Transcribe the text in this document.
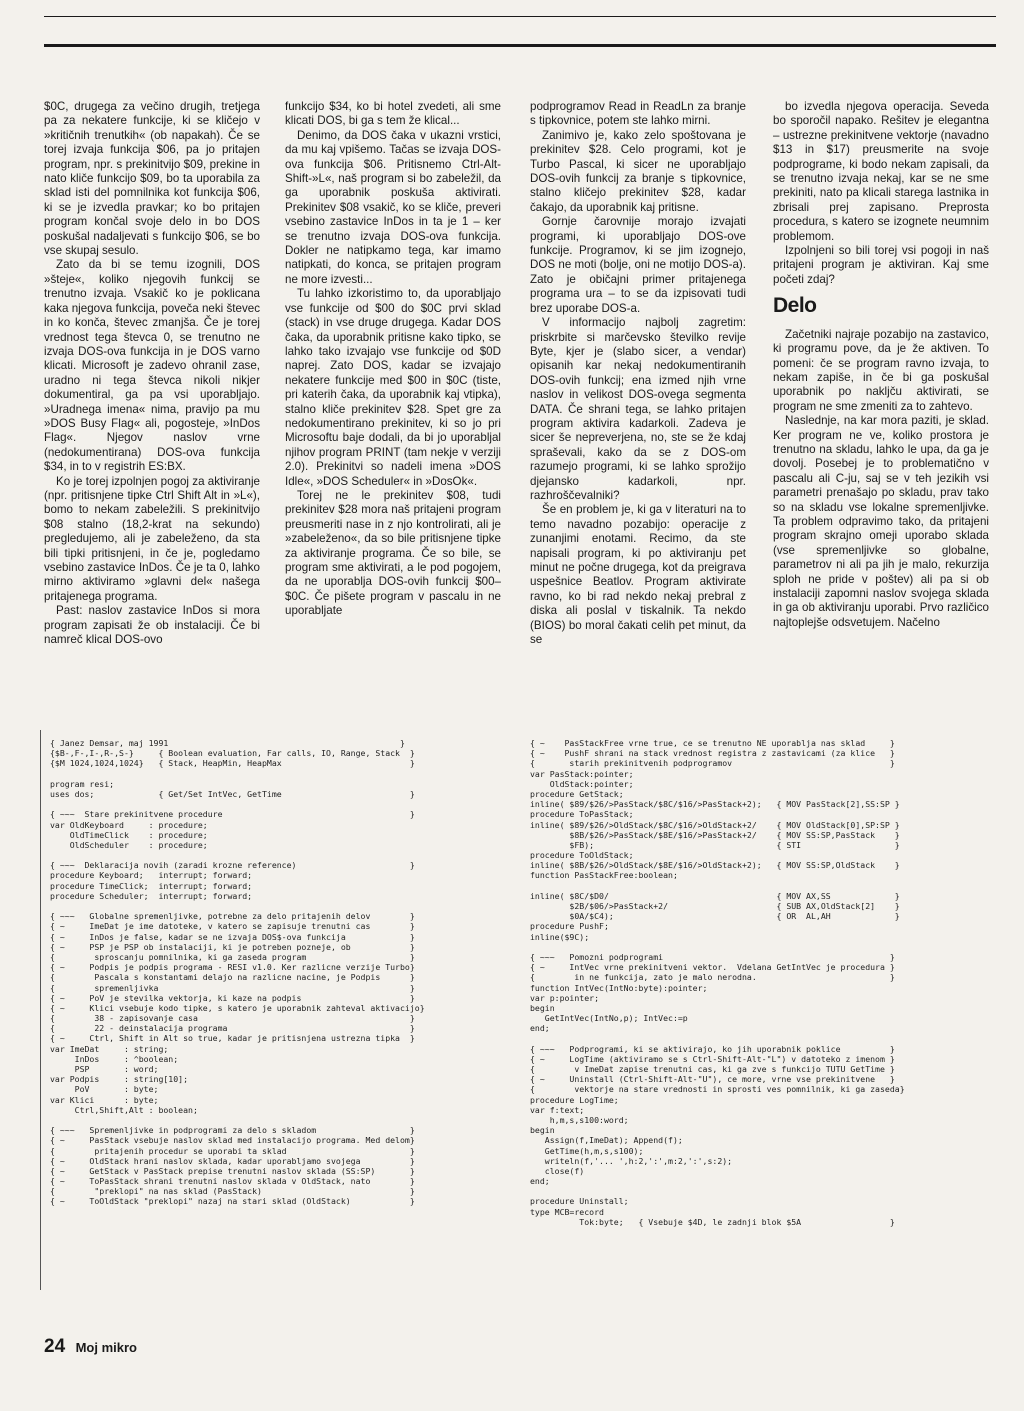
$0C, drugega za večino drugih, tretjega pa za nekatere funkcije, ki se kličejo v »kritičnih trenutkih« (ob napakah). Če se torej izvaja funkcija $06, pa jo pritajen program, npr. s prekinitvijo $09, prekine in nato kliče funkcijo $09, bo ta uporabila za sklad isti del pomnilnika kot funkcija $06, ki se je izvedla pravkar; ko bo pritajen program končal svoje delo in bo DOS poskušal nadaljevati s funkcijo $06, se bo vse skupaj sesulo.

Zato da bi se temu izognili, DOS »šteje«, koliko njegovih funkcij se trenutno izvaja. Vsakič ko je poklicana kaka njegova funkcija, poveča neki števec in ko konča, števec zmanjša. Če je torej vrednost tega števca 0, se trenutno ne izvaja DOS-ova funkcija in je DOS varno klicati. Microsoft je zadevo ohranil zase, uradno ni tega števca nikoli nikjer dokumentiral, ga pa vsi uporabljajo. »Uradnega imena« nima, pravijo pa mu »DOS Busy Flag« ali, pogosteje, »InDos Flag«. Njegov naslov vrne (nedokumentirana) DOS-ova funkcija $34, in to v registrih ES:BX.

Ko je torej izpolnjen pogoj za aktiviranje (npr. pritisnjene tipke Ctrl Shift Alt in »L«), bomo to nekam zabeležili. S prekinitvijo $08 stalno (18,2-krat na sekundo) pregledujemo, ali je zabeleženo, da sta bili tipki pritisnjeni, in če je, pogledamo vsebino zastavice InDos. Če je ta 0, lahko mirno aktiviramo »glavni del« našega pritajenega programa.

Past: naslov zastavice InDos si mora program zapisati že ob instalaciji. Če bi namreč klical DOS-ovo

funkcijo $34, ko bi hotel zvedeti, ali sme klicati DOS, bi ga s tem že klical...

Denimo, da DOS čaka v ukazni vrstici, da mu kaj vpišemo. Tačas se izvaja DOS-ova funkcija $06. Pritisnemo Ctrl-Alt-Shift-»L«, naš program si bo zabeležil, da ga uporabnik poskuša aktivirati. Prekinitev $08 vsakič, ko se kliče, preveri vsebino zastavice InDos in ta je 1 – ker se trenutno izvaja DOS-ova funkcija. Dokler ne natipkamo tega, kar imamo natipkati, do konca, se pritajen program ne more izvesti...

Tu lahko izkoristimo to, da uporabljajo vse funkcije od $00 do $0C prvi sklad (stack) in vse druge drugega. Kadar DOS čaka, da uporabnik pritisne kako tipko, se lahko tako izvajajo vse funkcije od $0D naprej. Zato DOS, kadar se izvajajo nekatere funkcije med $00 in $0C (tiste, pri katerih čaka, da uporabnik kaj vtipka), stalno kliče prekinitev $28. Spet gre za nedokumentirano prekinitev, ki so jo pri Microsoftu baje dodali, da bi jo uporabljal njihov program PRINT (tam nekje v verziji 2.0). Prekinitvi so nadeli imena »DOS Idle«, »DOS Scheduler« in »DosOk«.

Torej ne le prekinitev $08, tudi prekinitev $28 mora naš pritajeni program preusmeriti nase in z njo kontrolirati, ali je »zabeleženo«, da so bile pritisnjene tipke za aktiviranje programa. Če so bile, se program sme aktivirati, a le pod pogojem, da ne uporablja DOS-ovih funkcij $00–$0C. Če pišete program v pascalu in ne uporabljate

podprogramov Read in ReadLn za branje s tipkovnice, potem ste lahko mirni.

Zanimivo je, kako zelo spoštovana je prekinitev $28. Celo programi, kot je Turbo Pascal, ki sicer ne uporabljajo DOS-ovih funkcij za branje s tipkovnice, stalno kličejo prekinitev $28, kadar čakajo, da uporabnik kaj pritisne.

Gornje čarovnije morajo izvajati programi, ki uporabljajo DOS-ove funkcije. Programov, ki se jim izognejo, DOS ne moti (bolje, oni ne motijo DOS-a). Zato je običajni primer pritajenega programa ura – to se da izpisovati tudi brez uporabe DOS-a.

V informacijo najbolj zagretim: priskrbite si marčevsko številko revije Byte, kjer je (slabo sicer, a vendar) opisanih kar nekaj nedokumentiranih DOS-ovih funkcij; ena izmed njih vrne naslov in velikost DOS-ovega segmenta DATA. Če shrani tega, se lahko pritajen program aktivira kadarkoli. Zadeva je sicer še nepreverjena, no, ste se že kdaj spraševali, kako da se z DOS-om razumejo programi, ki se lahko sprožijo djejansko kadarkoli, npr. razhroščevalniki?

Še en problem je, ki ga v literaturi na to temo navadno pozabijo: operacije z zunanjimi enotami. Recimo, da ste napisali program, ki po aktiviranju pet minut ne počne drugega, kot da preigrava uspešnice Beatlov. Program aktivirate ravno, ko bi rad nekdo nekaj prebral z diska ali poslal v tiskalnik. Ta nekdo (BIOS) bo moral čakati celih pet minut, da se

bo izvedla njegova operacija. Seveda bo sporočil napako. Rešitev je elegantna – ustrezne prekinitvene vektorje (navadno $13 in $17) preusmerite na svoje podprograme, ki bodo nekam zapisali, da se trenutno izvaja nekaj, kar se ne sme prekiniti, nato pa klicali starega lastnika in zbrisali prej zapisano. Preprosta procedura, s katero se izognete neumnim problemom.

Izpolnjeni so bili torej vsi pogoji in naš pritajeni program je aktiviran. Kaj sme početi zdaj?

Delo

Začetniki najraje pozabijo na zastavico, ki programu pove, da je že aktiven. To pomeni: če se program ravno izvaja, to nekam zapiše, in če bi ga poskušal uporabnik po nakljču aktivirati, se program ne sme zmeniti za to zahtevo.

Naslednje, na kar mora paziti, je sklad. Ker program ne ve, koliko prostora je trenutno na skladu, lahko le upa, da ga je dovolj. Posebej je to problematično v pascalu ali C-ju, saj se v teh jezikih vsi parametri prenašajo po skladu, prav tako so na skladu vse lokalne spremenljivke. Ta problem odpravimo tako, da pritajeni program skrajno omeji uporabo sklada (vse spremenljivke so globalne, parametrov ni ali pa jih je malo, rekurzija sploh ne pride v poštev) ali pa si ob instalaciji zapomni naslov svojega sklada in ga ob aktiviranju uporabi. Prvo različico najtoplejše odsvetujem. Načelno

{ Janez Demsar, maj 1991                                               }
{$B-,F-,I-,R-,S-}     { Boolean evaluation, Far calls, IO, Range, Stack  }
{$M 1024,1024,1024}   { Stack, HeapMin, HeapMax                          }
program resi;
uses dos;             { Get/Set IntVec, GetTime                          }
{ ~~~  Stare prekinitvene procedure                                      }
var OldKeyboard     : procedure;
OldTimeClick    : procedure;
OldScheduler    : procedure;
{ ~~~  Deklaracija novih (zaradi krozne reference)                       }
procedure Keyboard;   interrupt; forward;
procedure TimeClick;  interrupt; forward;
procedure Scheduler;  interrupt; forward;
{ ~~~   Globalne spremenljivke, potrebne za delo pritajenih delov        }
{ ~     ImeDat je ime datoteke, v katero se zapisuje trenutni cas        }
{ ~     InDos je false, kadar se ne izvaja DOS$-ova funkcija             }
{ ~     PSP je PSP ob instalaciji, ki je potreben pozneje, ob            }
{        sproscanju pomnilnika, ki ga zaseda program                     }
{ ~     Podpis je podpis programa - RESI v1.0. Ker razlicne verzije Turbo}
{        Pascala s konstantami delajo na razlicne nacine, je Podpis      }
{        spremenljivka                                                   }
{ ~     PoV je stevilka vektorja, ki kaze na podpis                      }
{ ~     Klici vsebuje kodo tipke, s katero je uporabnik zahteval aktivacijo}
{        38 - zapisovanje casa                                           }
{        22 - deinstalacija programa                                     }
{ ~     Ctrl, Shift in Alt so true, kadar je pritisnjena ustrezna tipka  }
var ImeDat     : string;
InDos     : ^boolean;
PSP       : word;
var Podpis     : string[10];
PoV       : byte;
var Klici      : byte;
Ctrl,Shift,Alt : boolean;
{ ~~~   Spremenljivke in podprogrami za delo s skladom                   }
{ ~     PasStack vsebuje naslov sklad med instalacijo programa. Med delom}
{        pritajenih procedur se uporabi ta sklad                         }
{ ~     OldStack hrani naslov sklada, kadar uporabljamo svojega          }
{ ~     GetStack v PasStack prepise trenutni naslov sklada (SS:SP)       }
{ ~     ToPasStack shrani trenutni naslov sklada v OldStack, nato        }
{        "preklopi" na nas sklad (PasStack)                              }
{ ~     ToOldStack "preklopi" nazaj na stari sklad (OldStack)            }
{ ~    PasStackFree vrne true, ce se trenutno NE uporablja nas sklad     }
{ ~    PushF shrani na stack vrednost registra z zastavicami (za klice   }
{       starih prekinitvenih podprogramov                                }
var PasStack:pointer;
OldStack:pointer;
procedure GetStack;
inline( $89/$26/>PasStack/$8C/$16/>PasStack+2);   { MOV PasStack[2],SS:SP }
procedure ToPasStack;
inline( $89/$26/>OldStack/$8C/$16/>OldStack+2/    { MOV OldStack[0],SP:SP }
$8B/$26/>PasStack/$8E/$16/>PasStack+2/    { MOV SS:SP,PasStack    }
$FB);                                     { STI                   }
procedure ToOldStack;
inline( $8B/$26/>OldStack/$8E/$16/>OldStack+2);   { MOV SS:SP,OldStack    }
function PasStackFree:boolean;
inline( $8C/$D0/                                  { MOV AX,SS             }
$2B/$06/>PasStack+2/                      { SUB AX,OldStack[2]    }
$0A/$C4);                                 { OR  AL,AH             }
procedure PushF;
inline($9C);
{ ~~~   Pomozni podprogrami                                              }
{ ~     IntVec vrne prekinitveni vektor.  Vdelana GetIntVec je procedura }
{        in ne funkcija, zato je malo nerodna.                           }
function IntVec(IntNo:byte):pointer;
var p:pointer;
begin
GetIntVec(IntNo,p); IntVec:=p
end;
{ ~~~   Podprogrami, ki se aktivirajo, ko jih uporabnik poklice          }
{ ~     LogTime (aktiviramo se s Ctrl-Shift-Alt-"L") v datoteko z imenom }
{        v ImeDat zapise trenutni cas, ki ga zve s funkcijo TUTU GetTime }
{ ~     Uninstall (Ctrl-Shift-Alt-"U"), ce more, vrne vse prekinitvene   }
{        vektorje na stare vrednosti in sprosti ves pomnilnik, ki ga zaseda}
procedure LogTime;
var f:text;
h,m,s,s100:word;
begin
Assign(f,ImeDat); Append(f);
GetTime(h,m,s,s100);
writeln(f,'... ',h:2,':',m:2,':',s:2);
close(f)
end;
procedure Uninstall;
type MCB=record
Tok:byte;   { Vsebuje $4D, le zadnji blok $5A                  }
24 Moj mikro
